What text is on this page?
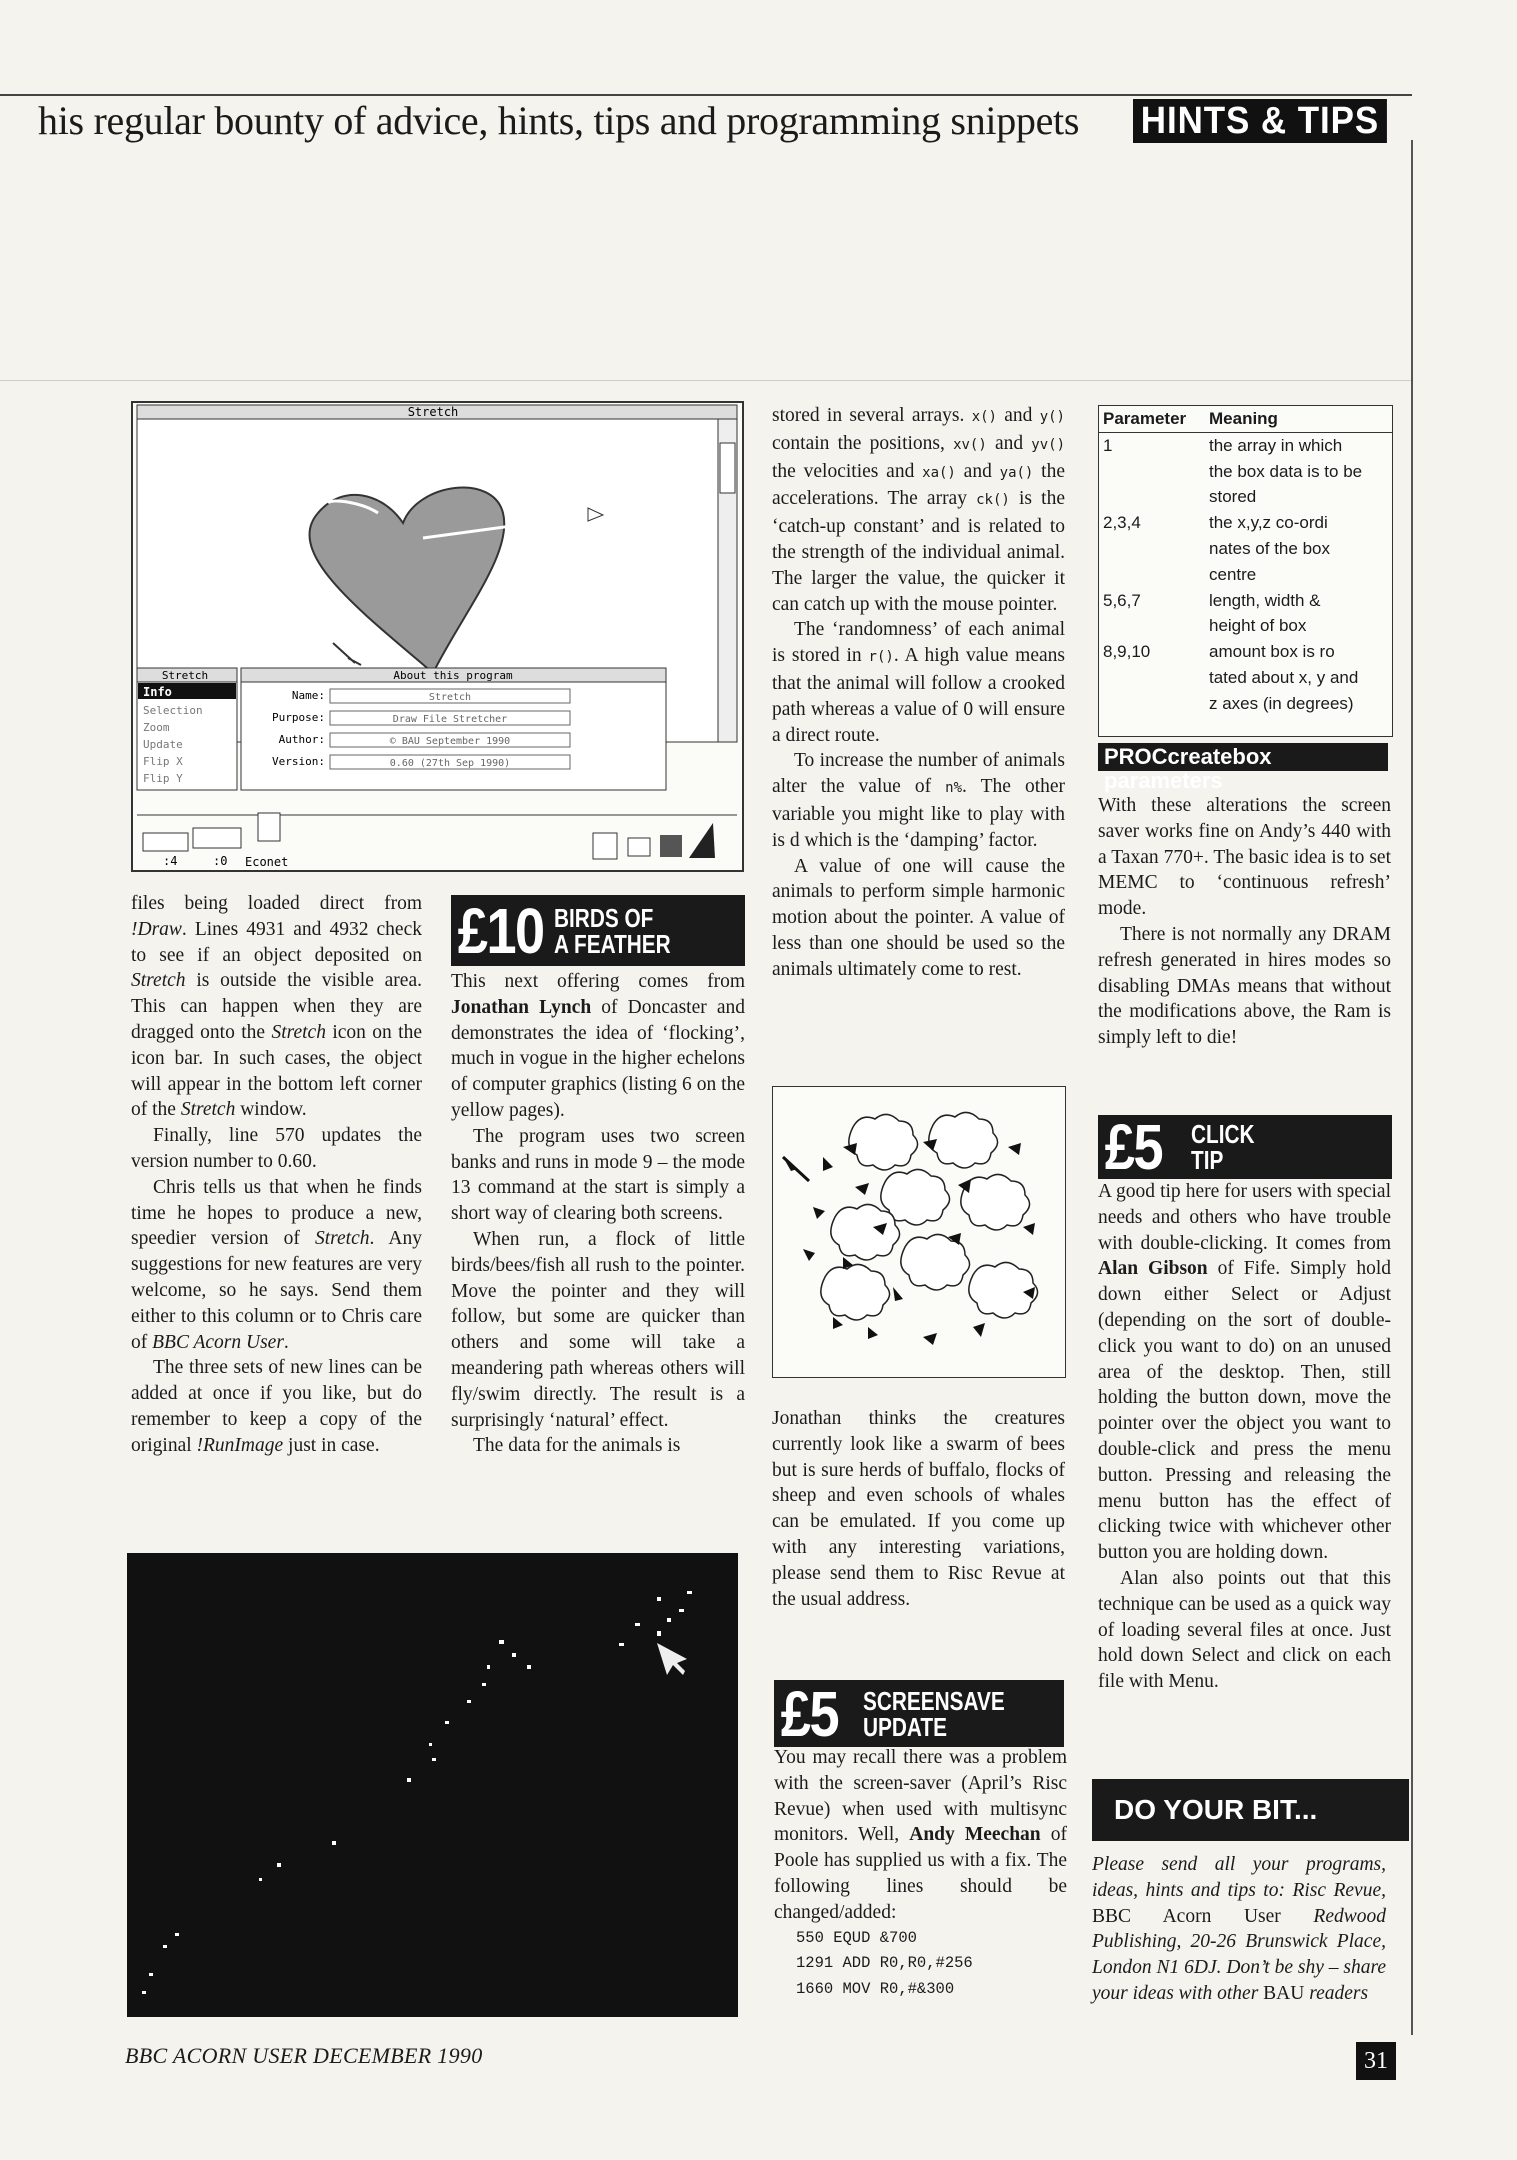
his regular bounty of advice, hints, tips and programming snippets HINTS & TIPS
Stretch
Stretch
Info
Selection
Zoom
Update
Flip X
Flip Y
About this program
Name:	Stretch
Purpose:	Draw File Stretcher
Author:	© BAU September 1990
Version:	0.60 (27th Sep 1990)
:4	:0 Econet

files being loaded direct from !Draw. Lines 4931 and 4932 check to see if an object deposited on Stretch is outside the visible area. This can happen when they are dragged onto the Stretch icon on the icon bar. In such cases, the object will appear in the bottom left corner of the Stretch window.

Finally, line 570 updates the version number to 0.60.

Chris tells us that when he finds time he hopes to produce a new, speedier version of Stretch. Any suggestions for new features are very welcome, so he says. Send them either to this column or to Chris care of BBC Acorn User.

The three sets of new lines can be added at once if you like, but do remember to keep a copy of the original !RunImage just in case.

£10 BIRDS OF
A FEATHER

This next offering comes from Jonathan Lynch of Doncaster and demonstrates the idea of ‘flocking’, much in vogue in the higher echelons of computer graphics (listing 6 on the yellow pages).

The program uses two screen banks and runs in mode 9 – the mode 13 command at the start is simply a short way of clearing both screens.

When run, a flock of little birds/bees/fish all rush to the pointer. Move the pointer and they will follow, but some are quicker than others and some will take a meandering path whereas others will fly/swim directly. The result is a surprisingly ‘natural’ effect.

The data for the animals is

stored in several arrays. x() and y() contain the positions, xv() and yv() the velocities and xa() and ya() the accelerations. The array ck() is the ‘catch-up constant’ and is related to the strength of the individual animal. The larger the value, the quicker it can catch up with the mouse pointer.

The ‘randomness’ of each animal is stored in r(). A high value means that the animal will follow a crooked path whereas a value of 0 will ensure a direct route.

To increase the number of animals alter the value of n%. The other variable you might like to play with is d which is the ‘damping’ factor.

A value of one will cause the animals to perform simple harmonic motion about the pointer. A value of less than one should be used so the animals ultimately come to rest.

Jonathan thinks the creatures currently look like a swarm of bees but is sure herds of buffalo, flocks of sheep and even schools of whales can be emulated. If you come up with any interesting variations, please send them to Risc Revue at the usual address.

£5 SCREENSAVE
UPDATE

You may recall there was a problem with the screen-saver (April’s Risc Revue) when used with multisync monitors. Well, Andy Meechan of Poole has supplied us with a fix. The following lines should be changed/added:

550 EQUD &700
1291 ADD R0,R0,#256
1660 MOV R0,#&300
Parameter	Meaning
1	the array in which
the box data is to be
stored

2,3,4	the x,y,z co-ordi
nates of the box
centre

5,6,7	length, width &
height of box

8,9,10	amount box is ro
tated about x, y and
z axes (in degrees)
PROCcreatebox parameters

With these alterations the screen saver works fine on Andy’s 440 with a Taxan 770+. The basic idea is to set MEMC to ‘continuous refresh’ mode.

There is not normally any DRAM refresh generated in hires modes so disabling DMAs means that without the modifications above, the Ram is simply left to die!

£5 CLICK
TIP

A good tip here for users with special needs and others who have trouble with double-clicking. It comes from Alan Gibson of Fife. Simply hold down either Select or Adjust (depending on the sort of double-click you want to do) on an unused area of the desktop. Then, still holding the button down, move the pointer over the object you want to double-click and press the menu button. Pressing and releasing the menu button has the effect of clicking twice with whichever other button you are holding down.

Alan also points out that this technique can be used as a quick way of loading several files at once. Just hold down Select and click on each file with Menu.

DO YOUR BIT...

Please send all your programs, ideas, hints and tips to: Risc Revue, BBC Acorn User Redwood Publishing, 20-26 Brunswick Place, London N1 6DJ. Don’t be shy – share your ideas with other BAU readers

BBC ACORN USER DECEMBER 1990	31
